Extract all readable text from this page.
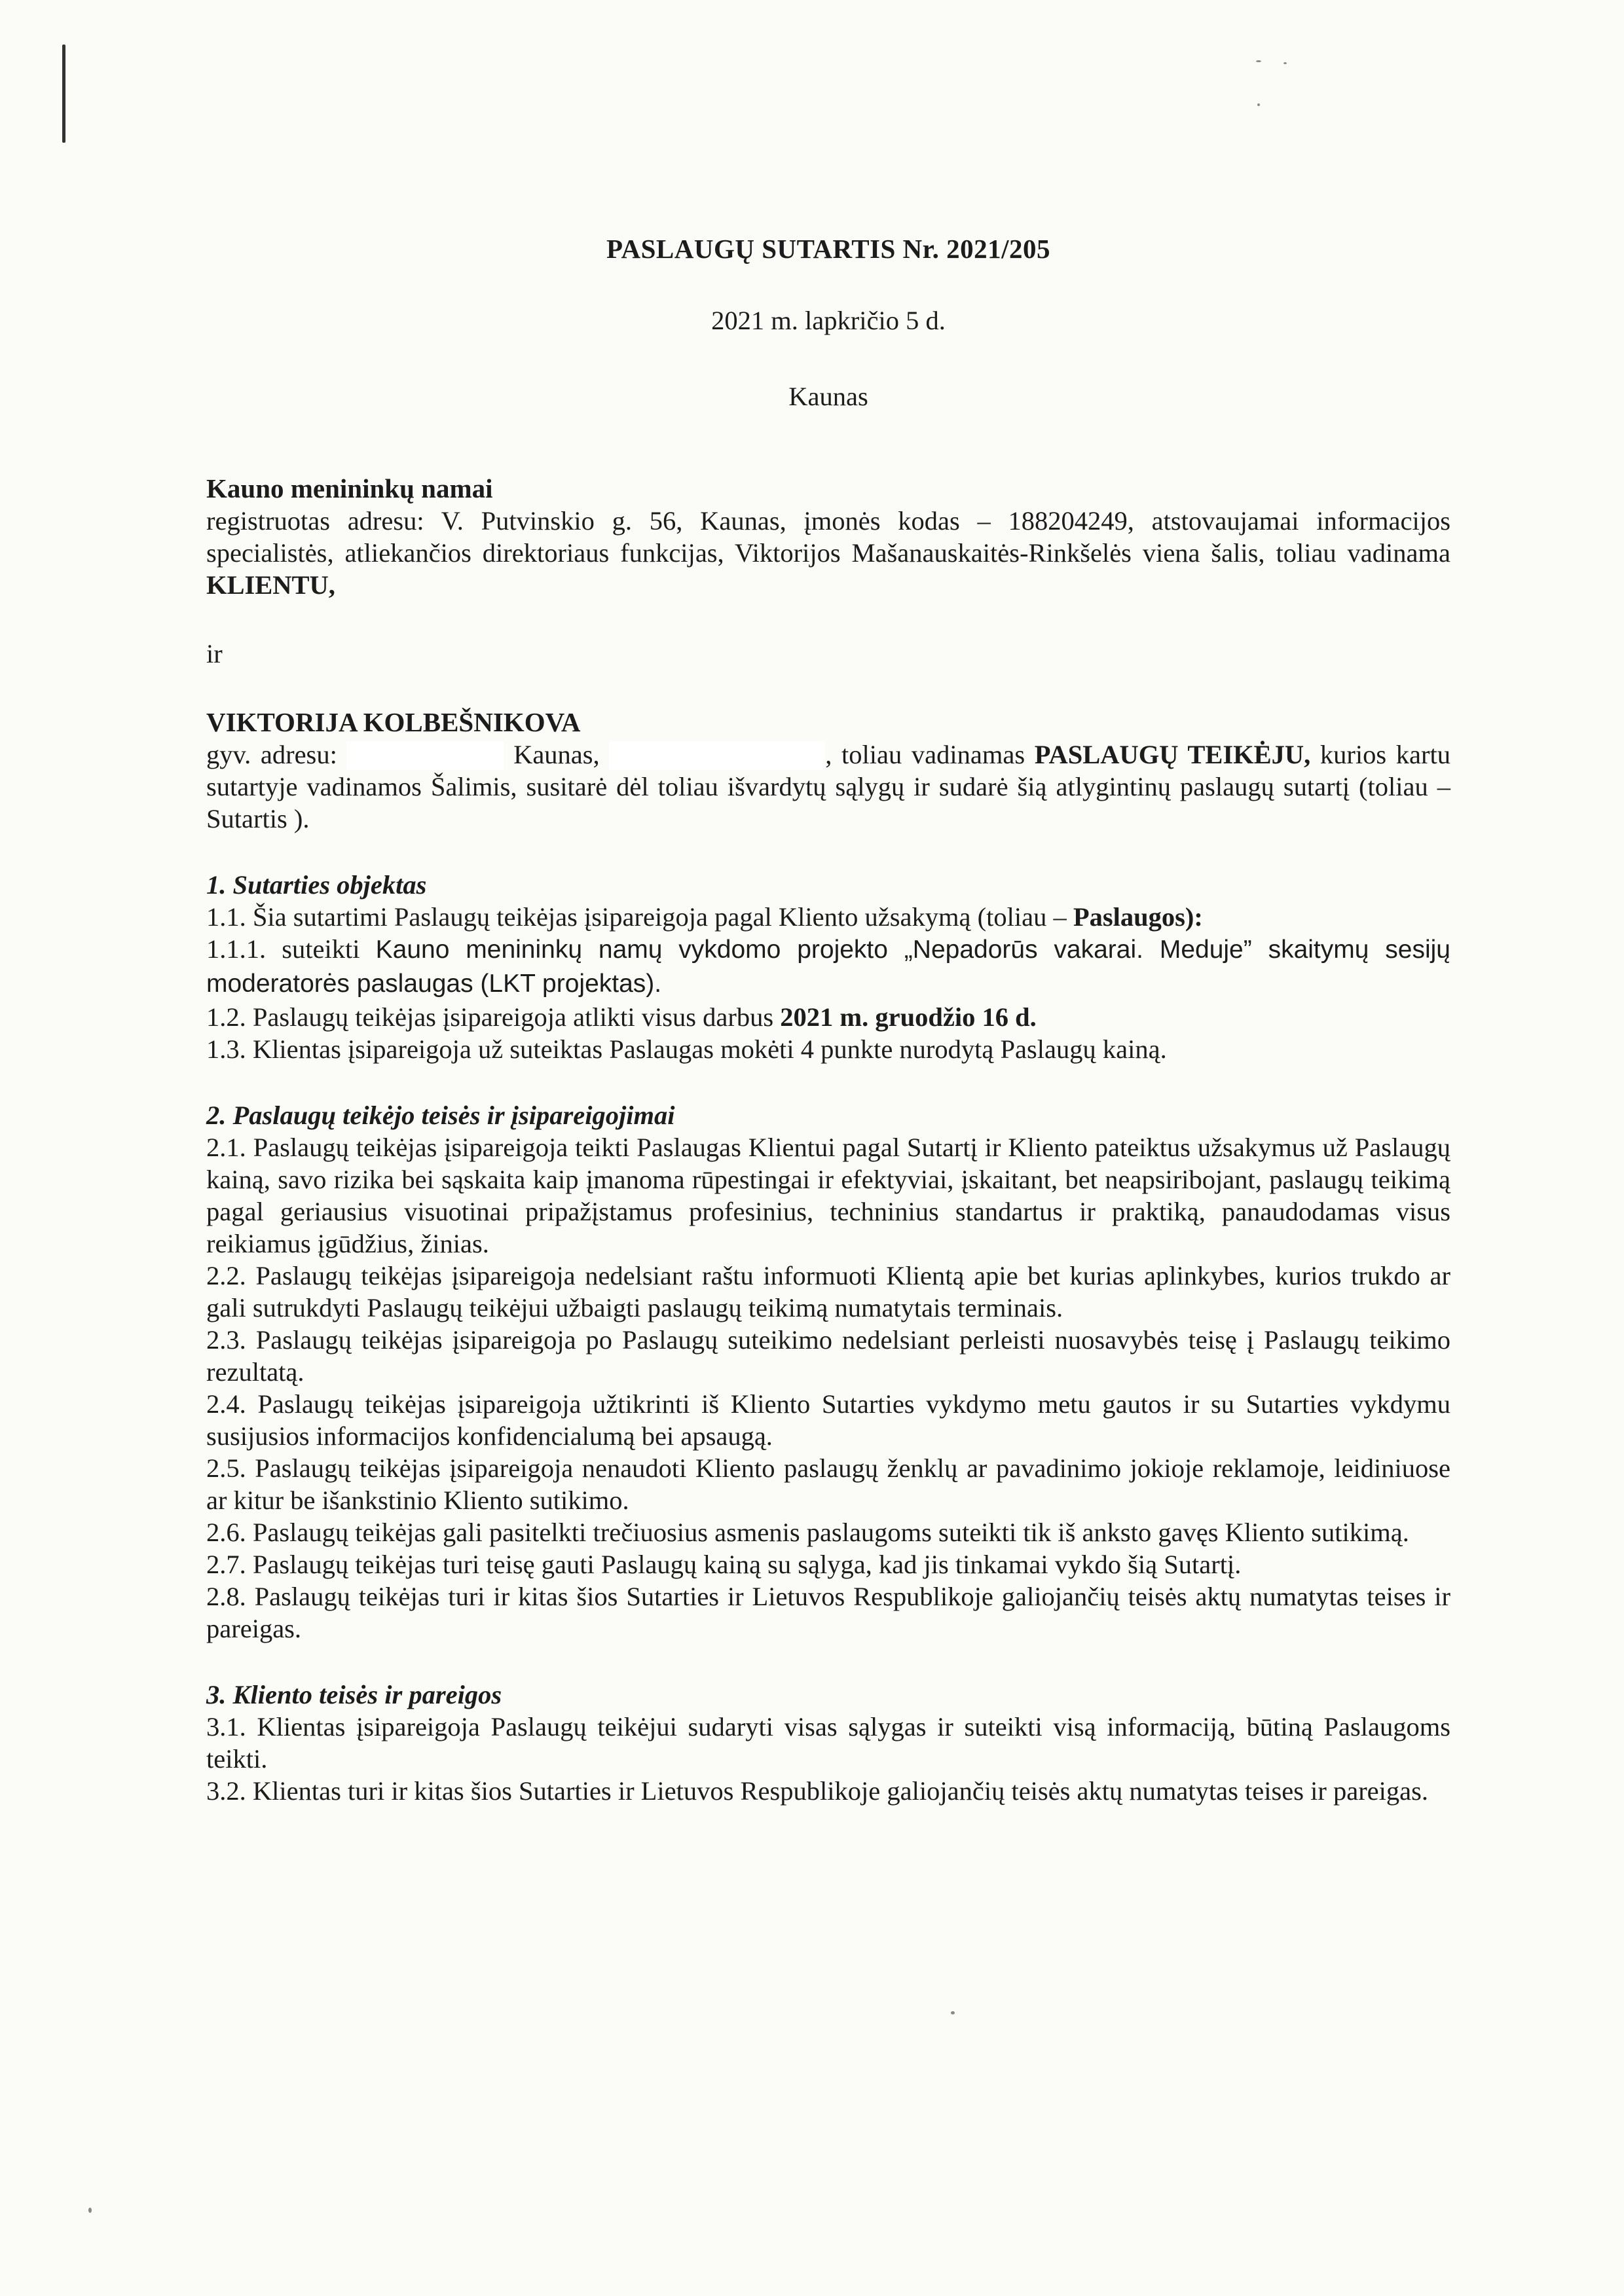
PASLAUGŲ SUTARTIS Nr. 2021/205
2021 m. lapkričio 5 d.
Kaunas
Kauno menininkų namai

registruotas adresu: V. Putvinskio g. 56, Kaunas, įmonės kodas – 188204249, atstovaujamai informacijos specialistės, atliekančios direktoriaus funkcijas, Viktorijos Mašanauskaitės-Rinkšelės viena šalis, toliau vadinama KLIENTU,

ir

VIKTORIJA KOLBEŠNIKOVA

gyv. adresu:	Kaunas,	, toliau vadinamas PASLAUGŲ TEIKĖJU, kurios kartu sutartyje vadinamos Šalimis, susitarė dėl toliau išvardytų sąlygų ir sudarė šią atlygintinų paslaugų sutartį (toliau – Sutartis ).

1. Sutarties objektas

1.1. Šia sutartimi Paslaugų teikėjas įsipareigoja pagal Kliento užsakymą (toliau – Paslaugos):

1.1.1. suteikti Kauno menininkų namų vykdomo projekto „Nepadorūs vakarai. Meduje” skaitymų sesijų moderatorės paslaugas (LKT projektas).

1.2. Paslaugų teikėjas įsipareigoja atlikti visus darbus 2021 m. gruodžio 16 d.

1.3. Klientas įsipareigoja už suteiktas Paslaugas mokėti 4 punkte nurodytą Paslaugų kainą.

2. Paslaugų teikėjo teisės ir įsipareigojimai

2.1. Paslaugų teikėjas įsipareigoja teikti Paslaugas Klientui pagal Sutartį ir Kliento pateiktus užsakymus už Paslaugų kainą, savo rizika bei sąskaita kaip įmanoma rūpestingai ir efektyviai, įskaitant, bet neapsiribojant, paslaugų teikimą pagal geriausius visuotinai pripažįstamus profesinius, techninius standartus ir praktiką, panaudodamas visus reikiamus įgūdžius, žinias.

2.2. Paslaugų teikėjas įsipareigoja nedelsiant raštu informuoti Klientą apie bet kurias aplinkybes, kurios trukdo ar gali sutrukdyti Paslaugų teikėjui užbaigti paslaugų teikimą numatytais terminais.

2.3. Paslaugų teikėjas įsipareigoja po Paslaugų suteikimo nedelsiant perleisti nuosavybės teisę į Paslaugų teikimo rezultatą.

2.4. Paslaugų teikėjas įsipareigoja užtikrinti iš Kliento Sutarties vykdymo metu gautos ir su Sutarties vykdymu susijusios informacijos konfidencialumą bei apsaugą.

2.5. Paslaugų teikėjas įsipareigoja nenaudoti Kliento paslaugų ženklų ar pavadinimo jokioje reklamoje, leidiniuose ar kitur be išankstinio Kliento sutikimo.

2.6. Paslaugų teikėjas gali pasitelkti trečiuosius asmenis paslaugoms suteikti tik iš anksto gavęs Kliento sutikimą.

2.7. Paslaugų teikėjas turi teisę gauti Paslaugų kainą su sąlyga, kad jis tinkamai vykdo šią Sutartį.

2.8. Paslaugų teikėjas turi ir kitas šios Sutarties ir Lietuvos Respublikoje galiojančių teisės aktų numatytas teises ir pareigas.

3. Kliento teisės ir pareigos

3.1. Klientas įsipareigoja Paslaugų teikėjui sudaryti visas sąlygas ir suteikti visą informaciją, būtiną Paslaugoms teikti.

3.2. Klientas turi ir kitas šios Sutarties ir Lietuvos Respublikoje galiojančių teisės aktų numatytas teises ir pareigas.
